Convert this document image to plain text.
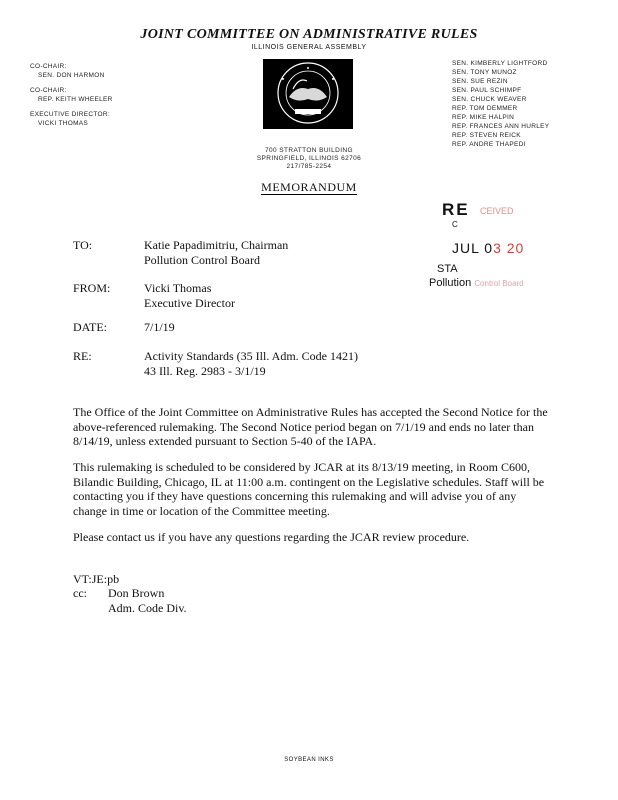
JOINT COMMITTEE ON ADMINISTRATIVE RULES
ILLINOIS GENERAL ASSEMBLY
CO-CHAIR:
SEN. DON HARMON
CO-CHAIR:
REP. KEITH WHEELER
EXECUTIVE DIRECTOR:
VICKI THOMAS
SEN. KIMBERLY LIGHTFORD
SEN. TONY MUNOZ
SEN. SUE REZIN
SEN. PAUL SCHIMPF
SEN. CHUCK WEAVER
REP. TOM DEMMER
REP. MIKE HALPIN
REP. FRANCES ANN HURLEY
REP. STEVEN REICK
REP. ANDRE THAPEDI
700 STRATTON BUILDING
SPRINGFIELD, ILLINOIS 62706
217/785-2254
MEMORANDUM
RE CEIVED
C
JUL 03 20
STA
Pollution Control Board
TO:	Katie Papadimitriu, Chairman
Pollution Control Board
FROM:	Vicki Thomas
Executive Director
DATE:	7/1/19
RE:	Activity Standards (35 Ill. Adm. Code 1421)
43 Ill. Reg. 2983 - 3/1/19
The Office of the Joint Committee on Administrative Rules has accepted the Second Notice for the above-referenced rulemaking. The Second Notice period began on 7/1/19 and ends no later than 8/14/19, unless extended pursuant to Section 5-40 of the IAPA.
This rulemaking is scheduled to be considered by JCAR at its 8/13/19 meeting, in Room C600, Bilandic Building, Chicago, IL at 11:00 a.m. contingent on the Legislative schedules. Staff will be contacting you if they have questions concerning this rulemaking and will advise you of any change in time or location of the Committee meeting.
Please contact us if you have any questions regarding the JCAR review procedure.
VT:JE:pb
cc: Don Brown
Adm. Code Div.
SOYBEAN INKS
